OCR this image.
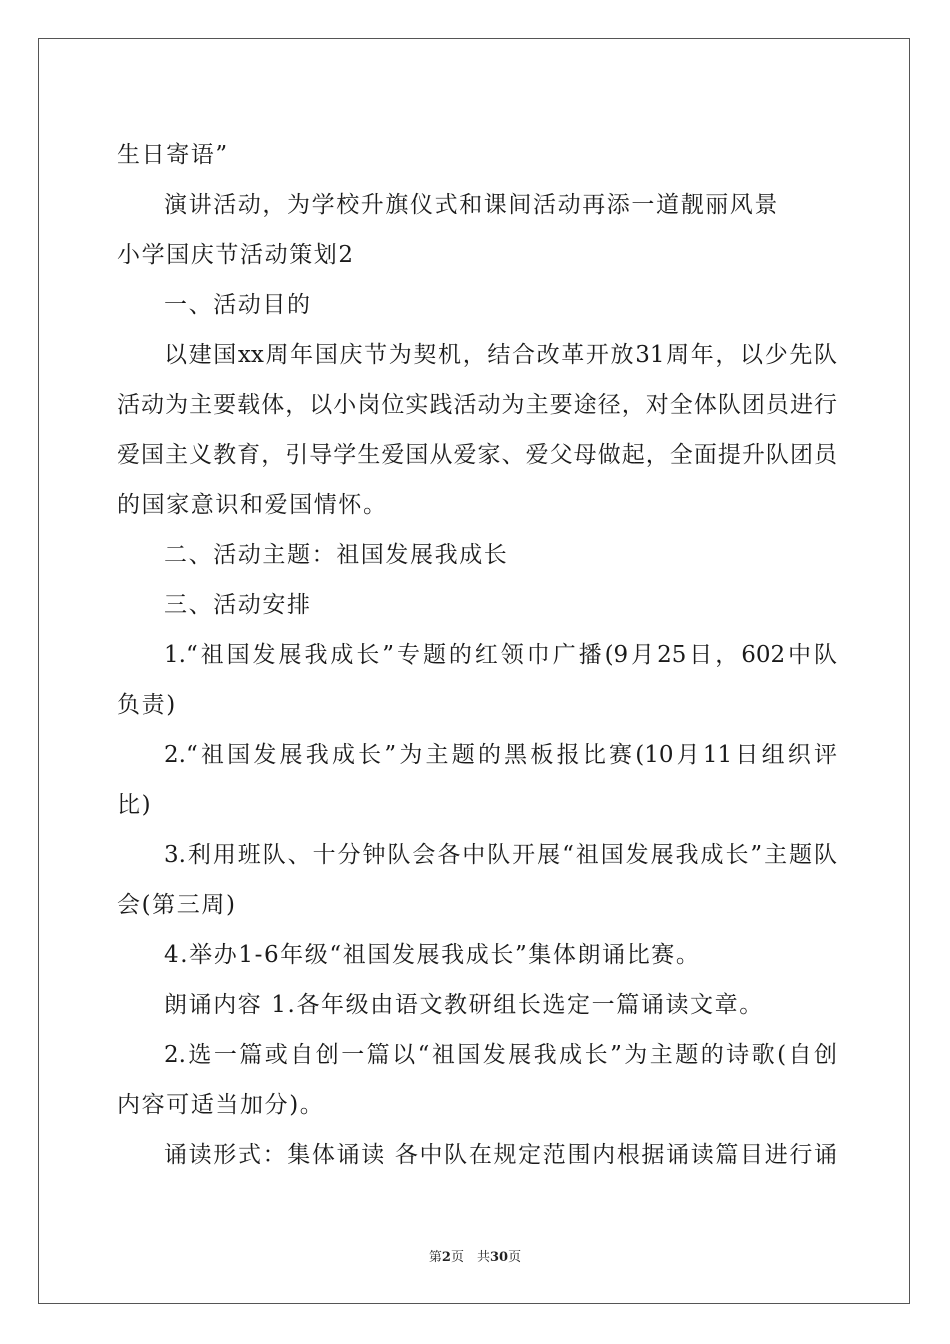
生日寄语”
演讲活动，为学校升旗仪式和课间活动再添一道靓丽风景
小学国庆节活动策划2
一、活动目的
以建国xx周年国庆节为契机，结合改革开放31周年，以少先队
活动为主要载体，以小岗位实践活动为主要途径，对全体队团员进行
爱国主义教育，引导学生爱国从爱家、爱父母做起，全面提升队团员
的国家意识和爱国情怀。
二、活动主题：祖国发展我成长
三、活动安排
1.“祖国发展我成长”专题的红领巾广播(9月25日，602中队
负责)
2.“祖国发展我成长”为主题的黑板报比赛(10月11日组织评
比)
3.利用班队、十分钟队会各中队开展“祖国发展我成长”主题队
会(第三周)
4.举办1-6年级“祖国发展我成长”集体朗诵比赛。
朗诵内容 1.各年级由语文教研组长选定一篇诵读文章。
2.选一篇或自创一篇以“祖国发展我成长”为主题的诗歌(自创
内容可适当加分)。
诵读形式：集体诵读 各中队在规定范围内根据诵读篇目进行诵
第2页　共30页
